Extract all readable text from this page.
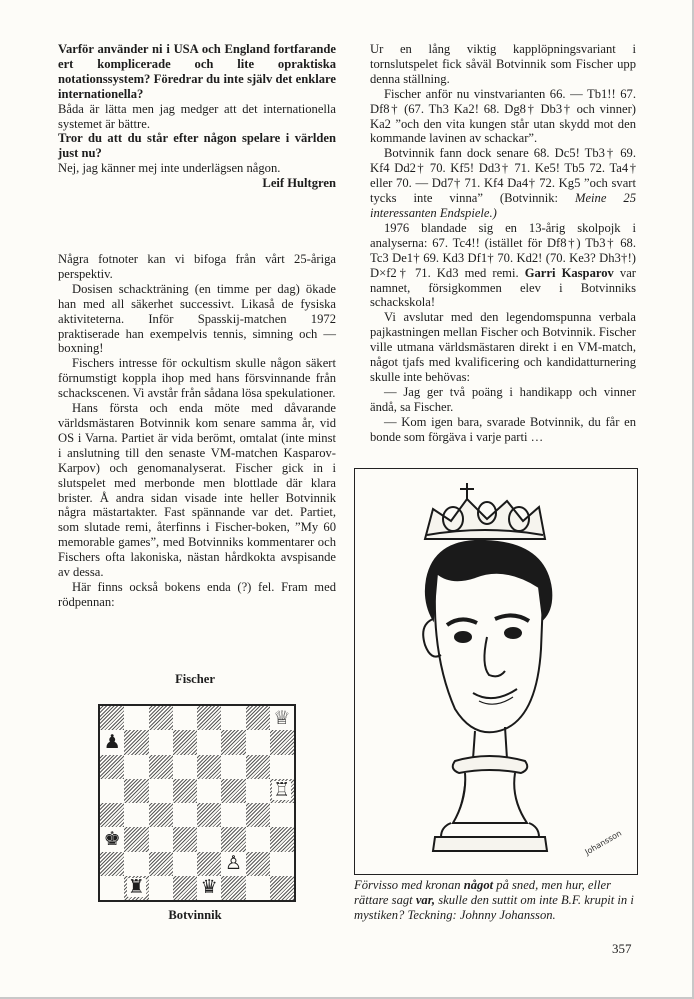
Varför använder ni i USA och England fortfarande ert komplicerade och lite opraktiska notationssystem? Föredrar du inte själv det enklare internationella?

Båda är lätta men jag medger att det internationella systemet är bättre.

Tror du att du står efter någon spelare i världen just nu?

Nej, jag känner mej inte underlägsen någon.

Leif Hultgren

Några fotnoter kan vi bifoga från vårt 25-åriga perspektiv.

Dosisen schackträning (en timme per dag) ökade han med all säkerhet successivt. Likaså de fysiska aktiviteterna. Inför Spasskij-matchen 1972 praktiserade han exempelvis tennis, simning och — boxning!

Fischers intresse för ockultism skulle någon säkert förnumstigt koppla ihop med hans försvinnande från schackscenen. Vi avstår från sådana lösa spekulationer.

Hans första och enda möte med dåvarande världsmästaren Botvinnik kom senare samma år, vid OS i Varna. Partiet är vida berömt, omtalat (inte minst i anslutning till den senaste VM-matchen Kasparov-Karpov) och genomanalyserat. Fischer gick in i slutspelet med merbonde men blottlade där klara brister. Å andra sidan visade inte heller Botvinnik några mästartakter. Fast spännande var det. Partiet, som slutade remi, återfinns i Fischer-boken, ”My 60 memorable games”, med Botvinniks kommentarer och Fischers ofta lakoniska, nästan hårdkokta avspisande av dessa.

Här finns också bokens enda (?) fel. Fram med rödpennan:

Fischer
♕
♟
♖
♚
♙
♜	♛
Botvinnik

Ur en lång viktig kapplöpningsvariant i tornslutspelet fick såväl Botvinnik som Fischer upp denna ställning.

Fischer anför nu vinstvarianten 66. — Tb1!! 67. Df8† (67. Th3 Ka2! 68. Dg8† Db3† och vinner) Ka2 ”och den vita kungen står utan skydd mot den kommande lavinen av schackar”.

Botvinnik fann dock senare 68. Dc5! Tb3† 69. Kf4 Dd2† 70. Kf5! Dd3† 71. Ke5! Tb5 72. Ta4† eller 70. — Dd7† 71. Kf4 Da4† 72. Kg5 ”och svart tycks inte vinna” (Botvinnik: Meine 25 interessanten Endspiele.)

1976 blandade sig en 13-årig skolpojk i analyserna: 67. Tc4!! (istället för Df8†) Tb3† 68. Tc3 De1† 69. Kd3 Df1† 70. Kd2! (70. Ke3? Dh3†!) D×f2† 71. Kd3 med remi. Garri Kasparov var namnet, försigkommen elev i Botvinniks schackskola!

Vi avslutar med den legendomspunna verbala pajkastningen mellan Fischer och Botvinnik. Fischer ville utmana världsmästaren direkt i en VM-match, något tjafs med kvalificering och kandidatturnering skulle inte behövas:

— Jag ger två poäng i handikapp och vinner ändå, sa Fischer.

— Kom igen bara, svarade Botvinnik, du får en bonde som förgäva i varje parti …

Johansson
Förvisso med kronan något på sned, men hur, eller rättare sagt var, skulle den suttit om inte B.F. krupit in i mystiken? Teckning: Johnny Johansson.
357
